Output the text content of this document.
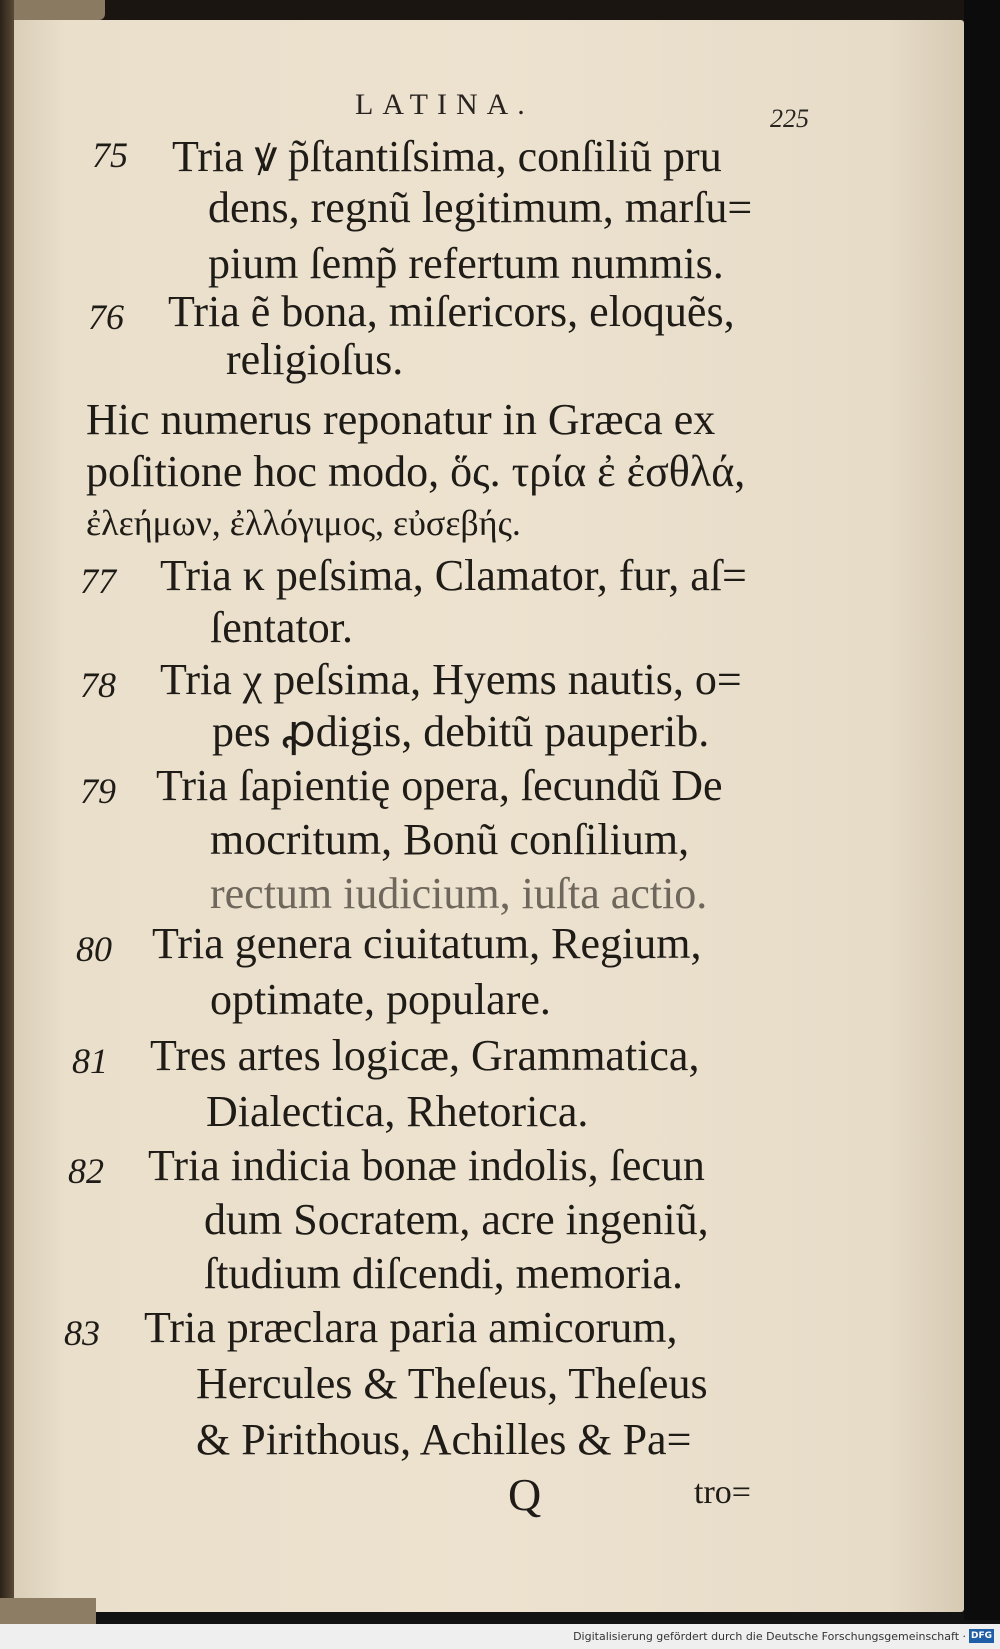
LATINA.	225
75 Tria ꝟ p̃ſtantiſsima, conſiliũ pru
dens, regnũ legitimum, marſu=
pium ſemp̃ refertum nummis.
76 Tria ẽ bona, miſericors, eloquẽs,
religioſus.
Hic numerus reponatur in Græca ex
poſitione hoc modo, ὅς. τρία ἐ ἐσθλά,
ἐλεήμων, ἐλλόγιμος, εὐσεβής.
77 Tria κ peſsima, Clamator, fur, aſ=
ſentator.
78 Tria χ peſsima, Hyems nautis, o=
pes ꝓdigis, debitũ pauperib.
79 Tria ſapientię opera, ſecundũ De
mocritum, Bonũ conſilium,
rectum iudicium, iuſta actio.
80 Tria genera ciuitatum, Regium,
optimate, populare.
81 Tres artes logicæ, Grammatica,
Dialectica, Rhetorica.
82 Tria indicia bonæ indolis, ſecun
dum Socratem, acre ingeniũ,
ſtudium diſcendi, memoria.
83 Tria præclara paria amicorum,
Hercules & Theſeus, Theſeus
& Pirithous, Achilles & Pa=
Q	tro=
Digitalisierung gefördert durch die Deutsche Forschungsgemeinschaft · DFG
